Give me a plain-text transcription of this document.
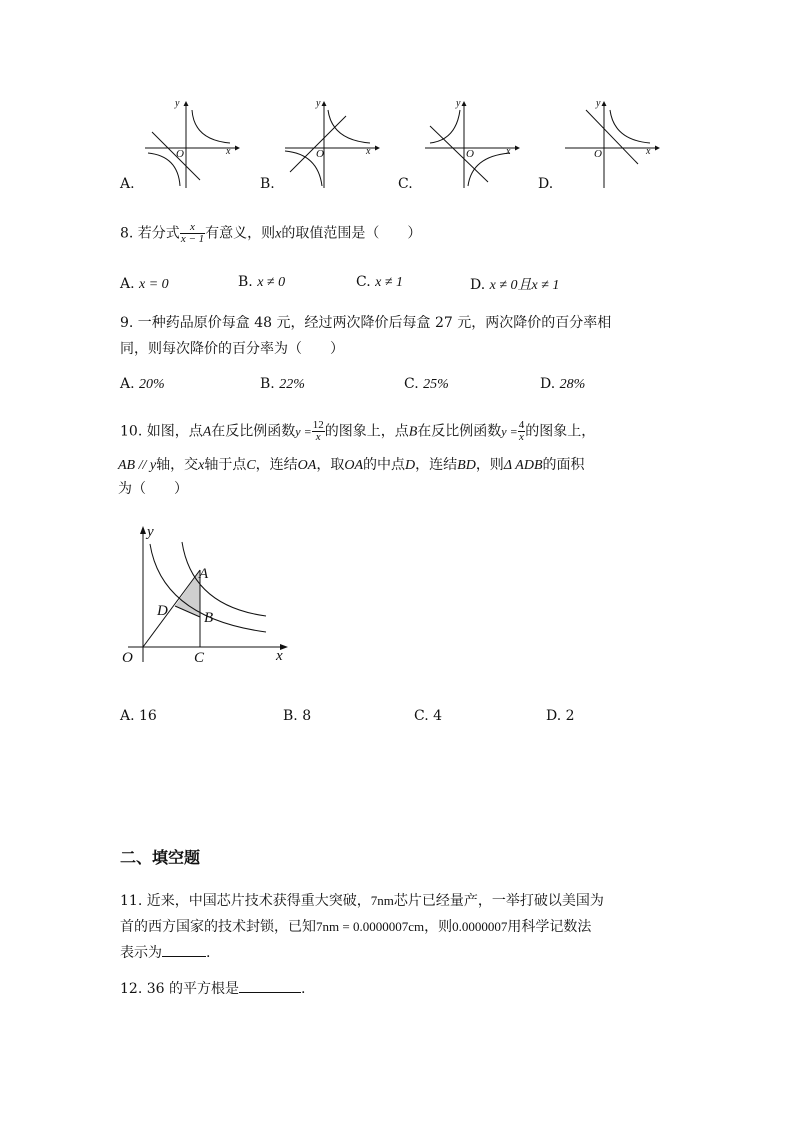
y
x
O
A.
y
x
O
B.
y
x
O
C.
y
x
O
D.
8. 若分式 $\frac{x}{x - 1}$ 有意义，则x的取值范围是（　　）
A. x = 0	B. x ≠ 0	C. x ≠ 1	D. x ≠ 0且x ≠ 1
9. 一种药品原价每盒 48 元，经过两次降价后每盒 27 元，两次降价的百分率相
同，则每次降价的百分率为（　　）
A. 20%	B. 22%	C. 25%	D. 28%
10. 如图，点A在反比例函数$y = \frac{12}{x}$ 的图象上，点B在反比例函数$y = \frac{4}{x}$ 的图象上，
AB // y轴，交x轴于点C，连结OA，取OA的中点D，连结BD，则Δ ADB的面积
为（　　）
y
x
O
A
B
C
D
A. 16	B. 8	C. 4	D. 2
二、填空题
11. 近来，中国芯片技术获得重大突破，7nm芯片已经量产，一举打破以美国为
首的西方国家的技术封锁，已知7nm = 0.0000007cm，则0.0000007用科学记数法
表示为	.
12. 36 的平方根是	.
